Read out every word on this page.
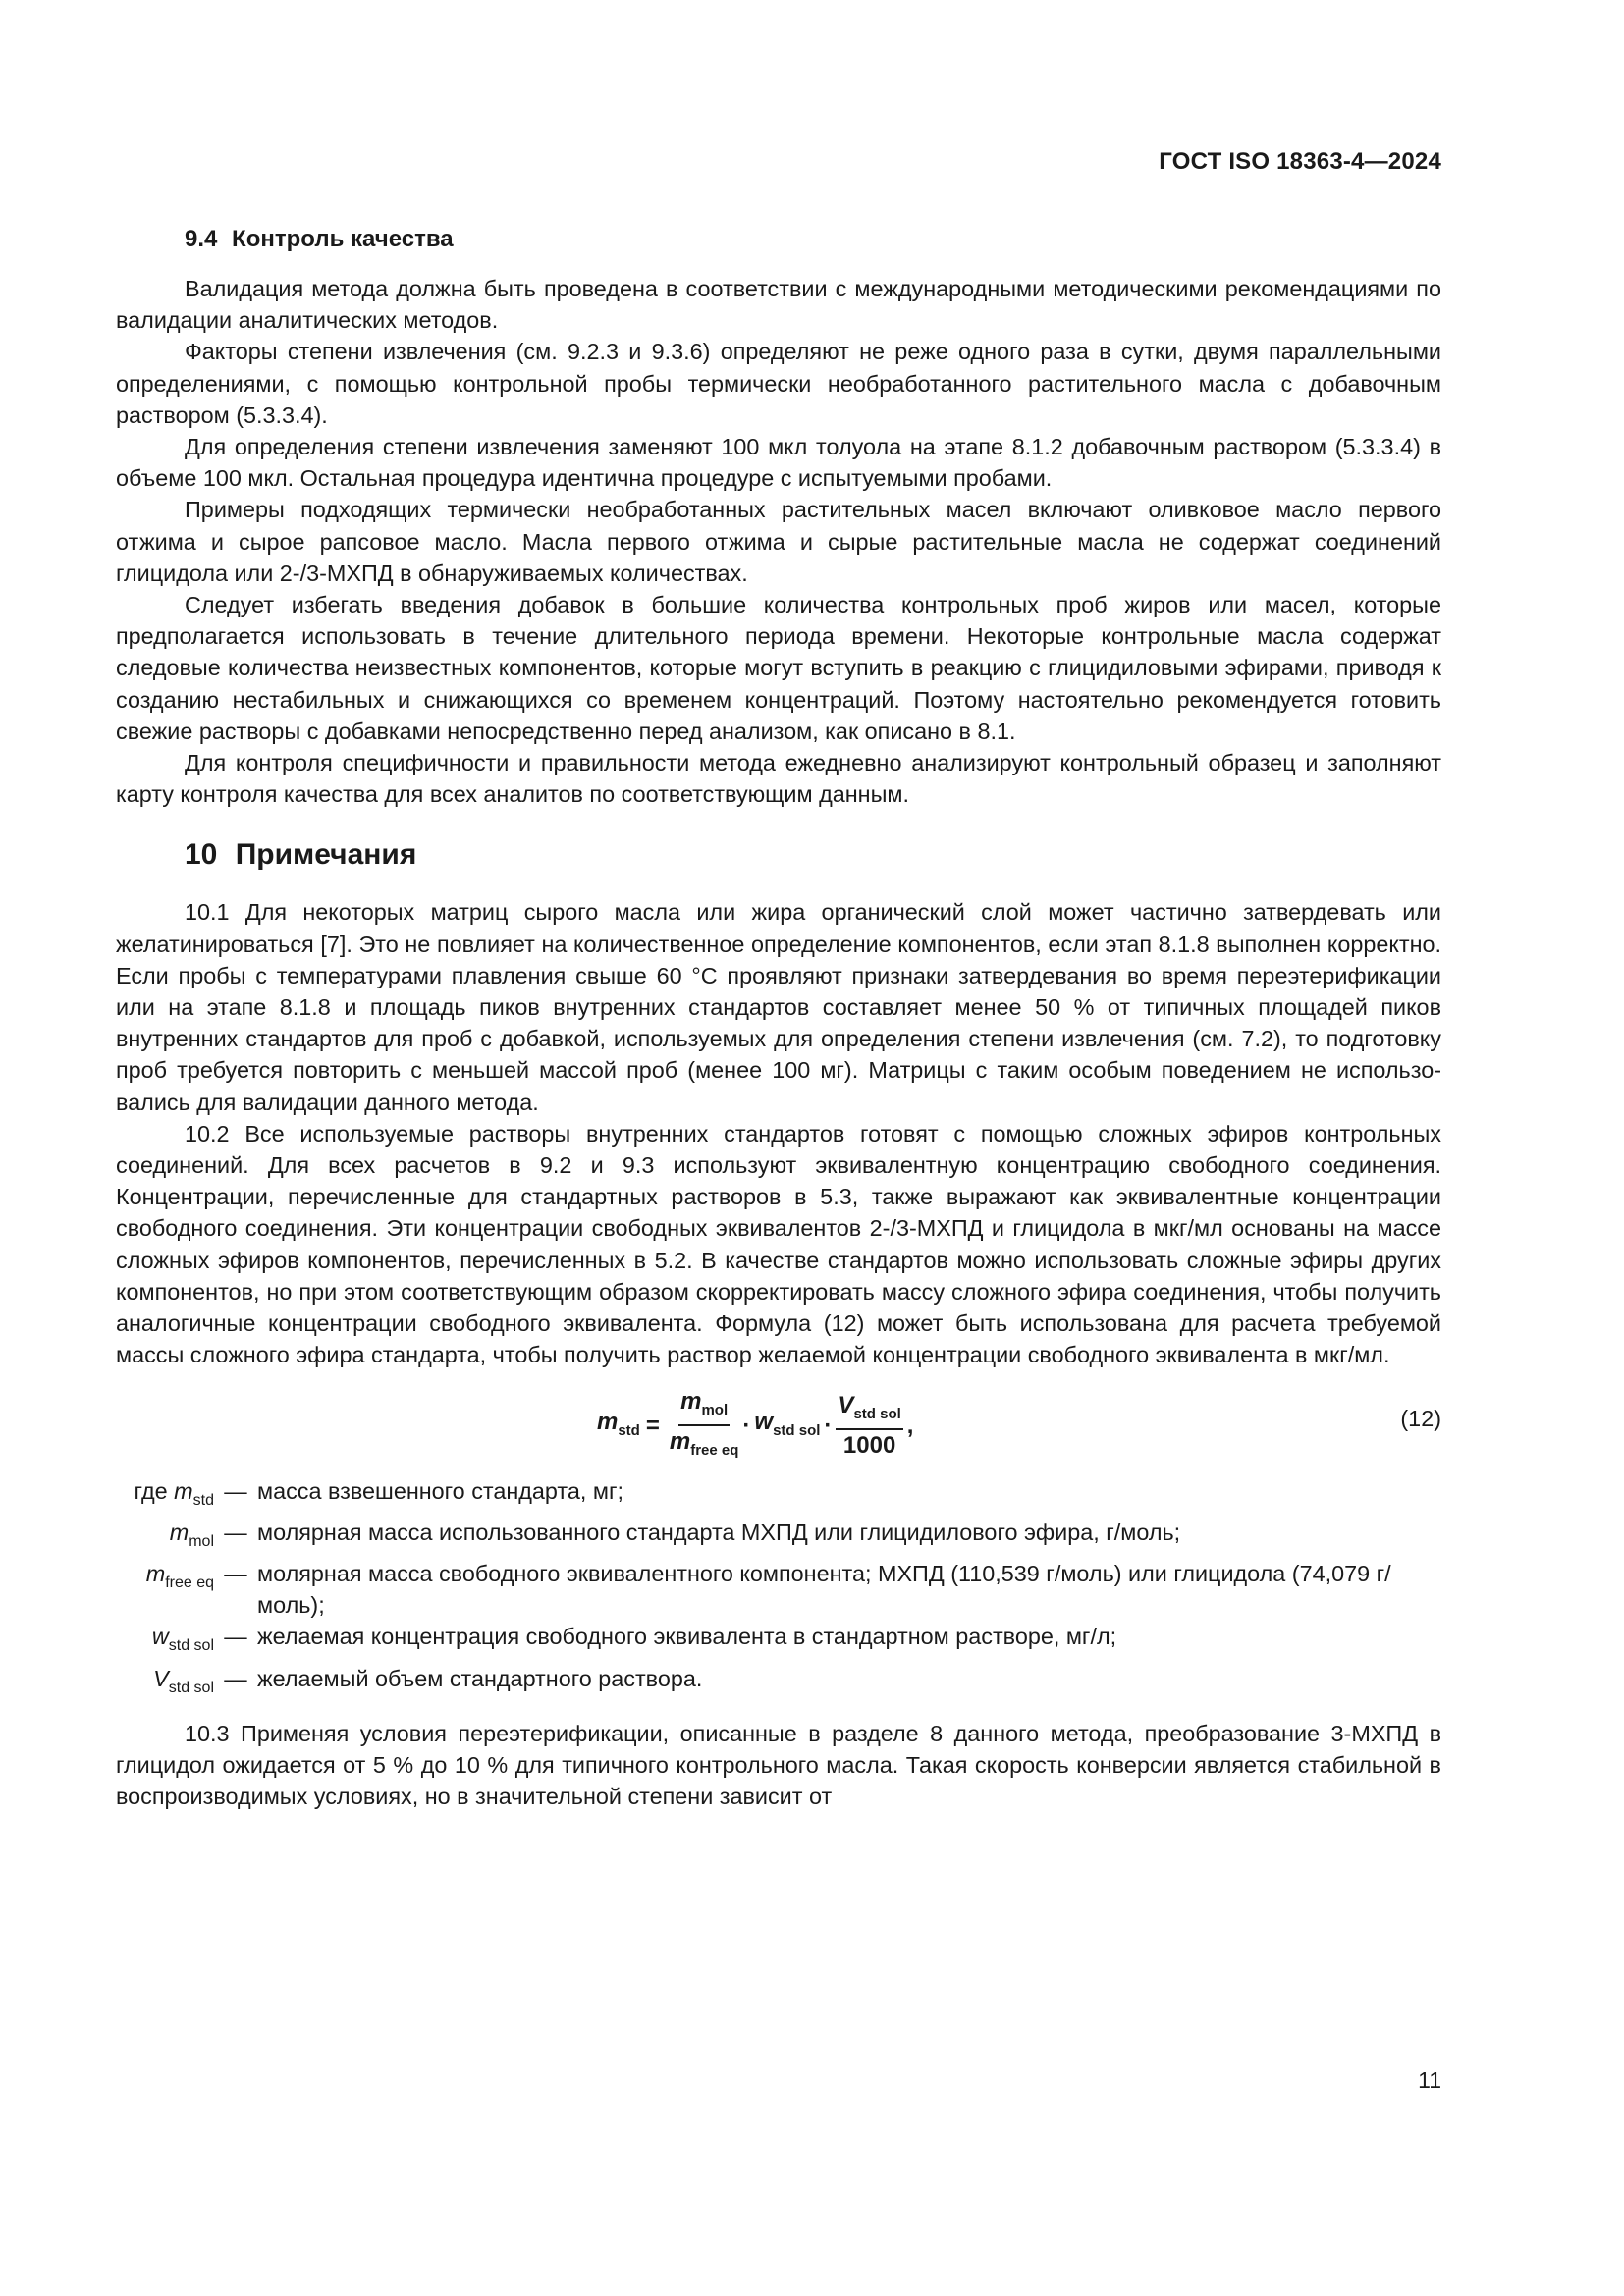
ГОСТ ISO 18363-4—2024
9.4 Контроль качества

Валидация метода должна быть проведена в соответствии с международными методическими рекомендациями по валидации аналитических методов.

Факторы степени извлечения (см. 9.2.3 и 9.3.6) определяют не реже одного раза в сутки, двумя параллельными определениями, с помощью контрольной пробы термически необработанного растительного масла с добавочным раствором (5.3.3.4).

Для определения степени извлечения заменяют 100 мкл толуола на этапе 8.1.2 добавочным раствором (5.3.3.4) в объеме 100 мкл. Остальная процедура идентична процедуре с испытуемыми пробами.

Примеры подходящих термически необработанных растительных масел включают оливковое масло первого отжима и сырое рапсовое масло. Масла первого отжима и сырые растительные масла не содержат соединений глицидола или 2-/3-МХПД в обнаруживаемых количествах.

Следует избегать введения добавок в большие количества контрольных проб жиров или масел, которые предполагается использовать в течение длительного периода времени. Некоторые контрольные масла содержат следовые количества неизвестных компонентов, которые могут вступить в реакцию с глицидиловыми эфирами, приводя к созданию нестабильных и снижающихся со временем концентраций. Поэтому настоятельно рекомендуется готовить свежие растворы с добавками непосредственно перед анализом, как описано в 8.1.

Для контроля специфичности и правильности метода ежедневно анализируют контрольный образец и заполняют карту контроля качества для всех аналитов по соответствующим данным.

10 Примечания

10.1 Для некоторых матриц сырого масла или жира органический слой может частично затвердевать или желатинироваться [7]. Это не повлияет на количественное определение компонентов, если этап 8.1.8 выполнен корректно. Если пробы с температурами плавления свыше 60 °С проявляют признаки затвердевания во время переэтерификации или на этапе 8.1.8 и площадь пиков внутренних стандартов составляет менее 50 % от типичных площадей пиков внутренних стандартов для проб с добавкой, используемых для определения степени извлечения (см. 7.2), то подготовку проб требуется повторить с меньшей массой проб (менее 100 мг). Матрицы с таким особым поведением не использовались для валидации данного метода.

10.2 Все используемые растворы внутренних стандартов готовят с помощью сложных эфиров контрольных соединений. Для всех расчетов в 9.2 и 9.3 используют эквивалентную концентрацию свободного соединения. Концентрации, перечисленные для стандартных растворов в 5.3, также выражают как эквивалентные концентрации свободного соединения. Эти концентрации свободных эквивалентов 2-/3-МХПД и глицидола в мкг/мл основаны на массе сложных эфиров компонентов, перечисленных в 5.2. В качестве стандартов можно использовать сложные эфиры других компонентов, но при этом соответствующим образом скорректировать массу сложного эфира соединения, чтобы получить аналогичные концентрации свободного эквивалента. Формула (12) может быть использована для расчета требуемой массы сложного эфира стандарта, чтобы получить раствор желаемой концентрации свободного эквивалента в мкг/мл.

$m_{std} = \frac{m_{mol}}{m_{free eq}} \cdot w_{std sol} \cdot \frac{V_{std sol}}{1000}$ ,	(12)
где $m_{std}$ — масса взвешенного стандарта, мг;
$m_{mol}$ — молярная масса использованного стандарта МХПД или глицидилового эфира, г/моль;
$m_{free eq}$ — молярная масса свободного эквивалентного компонента; МХПД (110,539 г/моль) или глицидола (74,079 г/моль);
$w_{std sol}$ — желаемая концентрация свободного эквивалента в стандартном растворе, мг/л;
$V_{std sol}$ — желаемый объем стандартного раствора.

10.3 Применяя условия переэтерификации, описанные в разделе 8 данного метода, преобразование 3-МХПД в глицидол ожидается от 5 % до 10 % для типичного контрольного масла. Такая скорость конверсии является стабильной в воспроизводимых условиях, но в значительной степени зависит от

11
